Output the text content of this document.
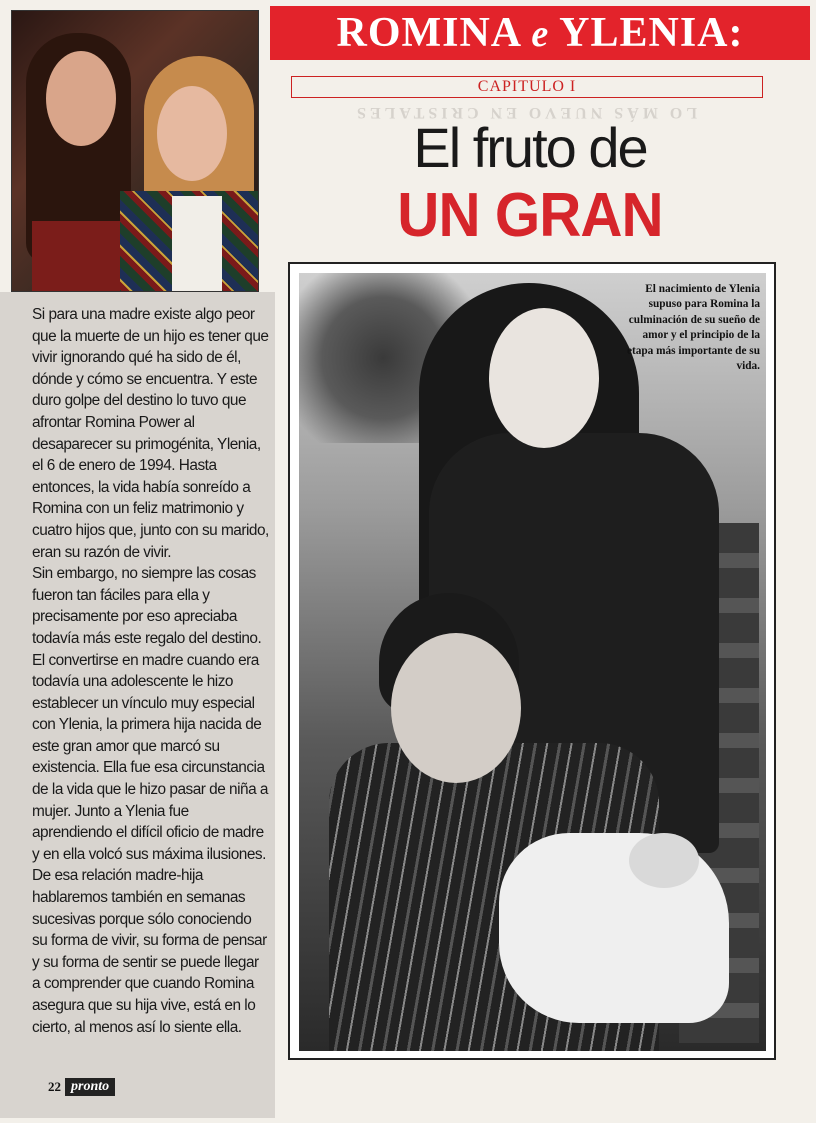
ROMINA e YLENIA:
CAPITULO I
LO MÁS NUEVO EN CRISTALES
El fruto de
UN GRAN

Si para una madre existe algo peor que la muerte de un hijo es tener que vivir ignorando qué ha sido de él, dónde y cómo se encuentra. Y este duro golpe del destino lo tuvo que afrontar Romina Power al desaparecer su primogénita, Ylenia, el 6 de enero de 1994. Hasta entonces, la vida había sonreído a Romina con un feliz matrimonio y cuatro hijos que, junto con su marido, eran su razón de vivir.

Sin embargo, no siempre las cosas fueron tan fáciles para ella y precisamente por eso apreciaba todavía más este regalo del destino. El convertirse en madre cuando era todavía una adolescente le hizo establecer un vínculo muy especial con Ylenia, la primera hija nacida de este gran amor que marcó su existencia. Ella fue esa circunstancia de la vida que le hizo pasar de niña a mujer. Junto a Ylenia fue aprendiendo el difícil oficio de madre y en ella volcó sus máxima ilusiones. De esa relación madre-hija hablaremos también en semanas sucesivas porque sólo conociendo su forma de vivir, su forma de pensar y su forma de sentir se puede llegar a comprender que cuando Romina asegura que su hija vive, está en lo cierto, al menos así lo siente ella.

El nacimiento de Ylenia supuso para Romina la culminación de su sueño de amor y el principio de la etapa más importante de su vida.
22 pronto
